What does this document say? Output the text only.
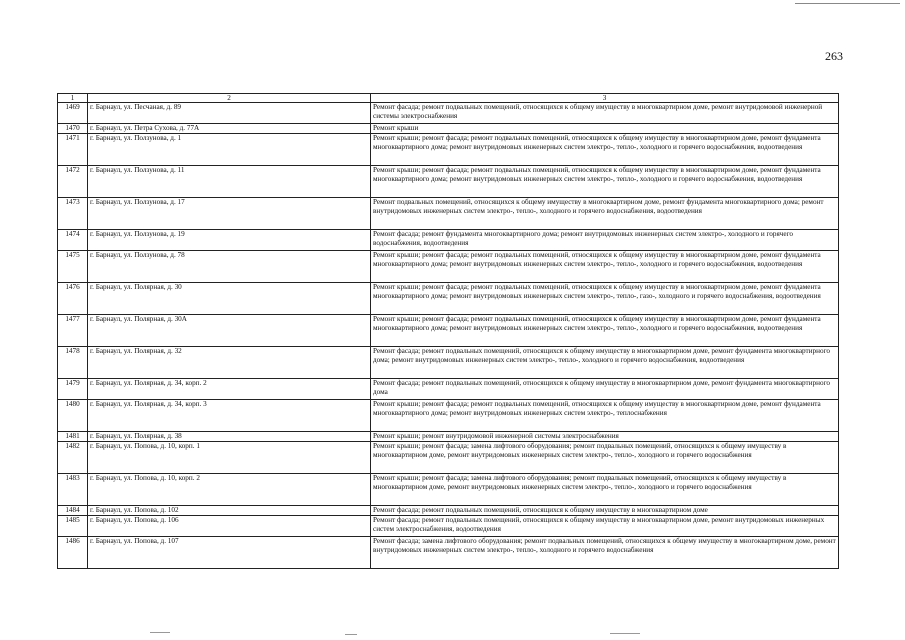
263
1	2	3
1469	г. Барнаул, ул. Песчаная, д. 89	Ремонт фасада; ремонт подвальных помещений, относящихся к общему имуществу в многоквартирном доме, ремонт внутридомовой инженерной системы электроснабжения
1470	г. Барнаул, ул. Петра Сухова, д. 77А	Ремонт крыши
1471	г. Барнаул, ул. Ползунова, д. 1	Ремонт крыши; ремонт фасада; ремонт подвальных помещений, относящихся к общему имуществу в многоквартирном доме, ремонт фундамента многоквартирного дома; ремонт внутридомовых инженерных систем электро-, тепло-, холодного и горячего водоснабжения, водоотведения
1472	г. Барнаул, ул. Ползунова, д. 11	Ремонт крыши; ремонт фасада; ремонт подвальных помещений, относящихся к общему имуществу в многоквартирном доме, ремонт фундамента многоквартирного дома; ремонт внутридомовых инженерных систем электро-, тепло-, холодного и горячего водоснабжения, водоотведения
1473	г. Барнаул, ул. Ползунова, д. 17	Ремонт подвальных помещений, относящихся к общему имуществу в многоквартирном доме, ремонт фундамента многоквартирного дома; ремонт внутридомовых инженерных систем электро-, тепло-, холодного и горячего водоснабжения, водоотведения
1474	г. Барнаул, ул. Ползунова, д. 19	Ремонт фасада; ремонт фундамента многоквартирного дома; ремонт внутридомовых инженерных систем электро-, холодного и горячего водоснабжения, водоотведения
1475	г. Барнаул, ул. Ползунова, д. 78	Ремонт крыши; ремонт фасада; ремонт подвальных помещений, относящихся к общему имуществу в многоквартирном доме, ремонт фундамента многоквартирного дома; ремонт внутридомовых инженерных систем электро-, тепло-, холодного и горячего водоснабжения, водоотведения
1476	г. Барнаул, ул. Полярная, д. 30	Ремонт крыши; ремонт фасада; ремонт подвальных помещений, относящихся к общему имуществу в многоквартирном доме, ремонт фундамента многоквартирного дома; ремонт внутридомовых инженерных систем электро-, тепло-, газо-, холодного и горячего водоснабжения, водоотведения
1477	г. Барнаул, ул. Полярная, д. 30А	Ремонт крыши; ремонт фасада; ремонт подвальных помещений, относящихся к общему имуществу в многоквартирном доме, ремонт фундамента многоквартирного дома; ремонт внутридомовых инженерных систем электро-, тепло-, холодного и горячего водоснабжения, водоотведения
1478	г. Барнаул, ул. Полярная, д. 32	Ремонт фасада; ремонт подвальных помещений, относящихся к общему имуществу в многоквартирном доме, ремонт фундамента многоквартирного дома; ремонт внутридомовых инженерных систем электро-, тепло-, холодного и горячего водоснабжения, водоотведения
1479	г. Барнаул, ул. Полярная, д. 34, корп. 2	Ремонт фасада; ремонт подвальных помещений, относящихся к общему имуществу в многоквартирном доме, ремонт фундамента многоквартирного дома
1480	г. Барнаул, ул. Полярная, д. 34, корп. 3	Ремонт крыши; ремонт фасада; ремонт подвальных помещений, относящихся к общему имуществу в многоквартирном доме, ремонт фундамента многоквартирного дома; ремонт внутридомовых инженерных систем электро-, теплоснабжения
1481	г. Барнаул, ул. Полярная, д. 38	Ремонт крыши; ремонт внутридомовой инженерной системы электроснабжения
1482	г. Барнаул, ул. Попова, д. 10, корп. 1	Ремонт крыши; ремонт фасада; замена лифтового оборудования; ремонт подвальных помещений, относящихся к общему имуществу в многоквартирном доме, ремонт внутридомовых инженерных систем электро-, тепло-, холодного и горячего водоснабжения
1483	г. Барнаул, ул. Попова, д. 10, корп. 2	Ремонт крыши; ремонт фасада; замена лифтового оборудования; ремонт подвальных помещений, относящихся к общему имуществу в многоквартирном доме, ремонт внутридомовых инженерных систем электро-, тепло-, холодного и горячего водоснабжения
1484	г. Барнаул, ул. Попова, д. 102	Ремонт фасада; ремонт подвальных помещений, относящихся к общему имуществу в многоквартирном доме
1485	г. Барнаул, ул. Попова, д. 106	Ремонт фасада; ремонт подвальных помещений, относящихся к общему имуществу в многоквартирном доме, ремонт внутридомовых инженерных систем электроснабжения, водоотведения
1486	г. Барнаул, ул. Попова, д. 107	Ремонт фасада; замена лифтового оборудования; ремонт подвальных помещений, относящихся к общему имуществу в многоквартирном доме, ремонт внутридомовых инженерных систем электро-, тепло-, холодного и горячего водоснабжения
